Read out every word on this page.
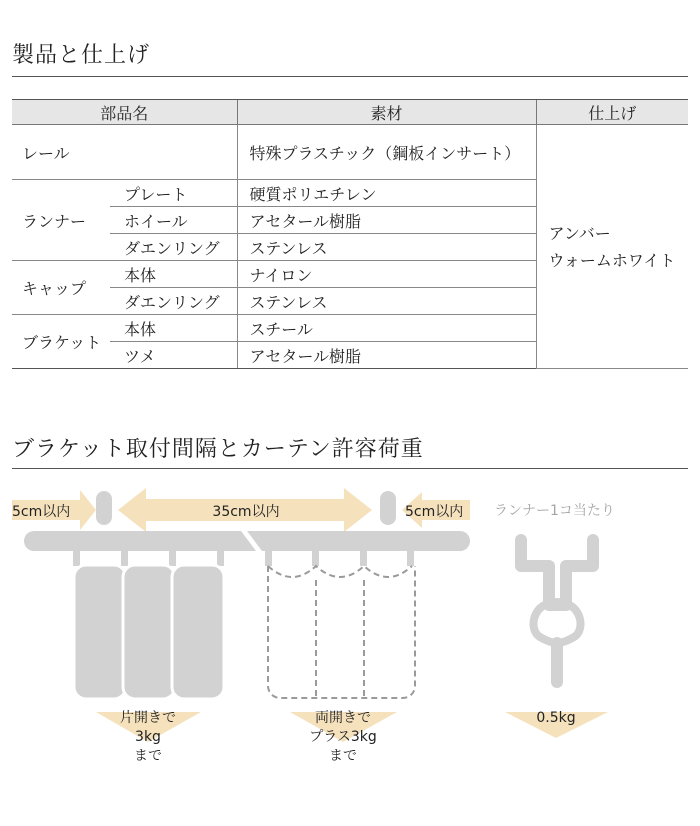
製品と仕上げ
部品名		素材	仕上げ
レール		特殊プラスチック（鋼板インサート）	アンバー
ウォームホワイト

ランナー	プレート	硬質ポリエチレン	
	ホイール	アセタール樹脂	
	ダエンリング	ステンレス	
キャップ	本体	ナイロン	
	ダエンリング	ステンレス	
ブラケット	本体	スチール	
	ツメ	アセタール樹脂	
ブラケット取付間隔とカーテン許容荷重
5cm以内	35cm以内	5cm以内 ランナー1コ当たり
片開きで
3kg
まで
両開きで
プラス3kg
まで
0.5kg
